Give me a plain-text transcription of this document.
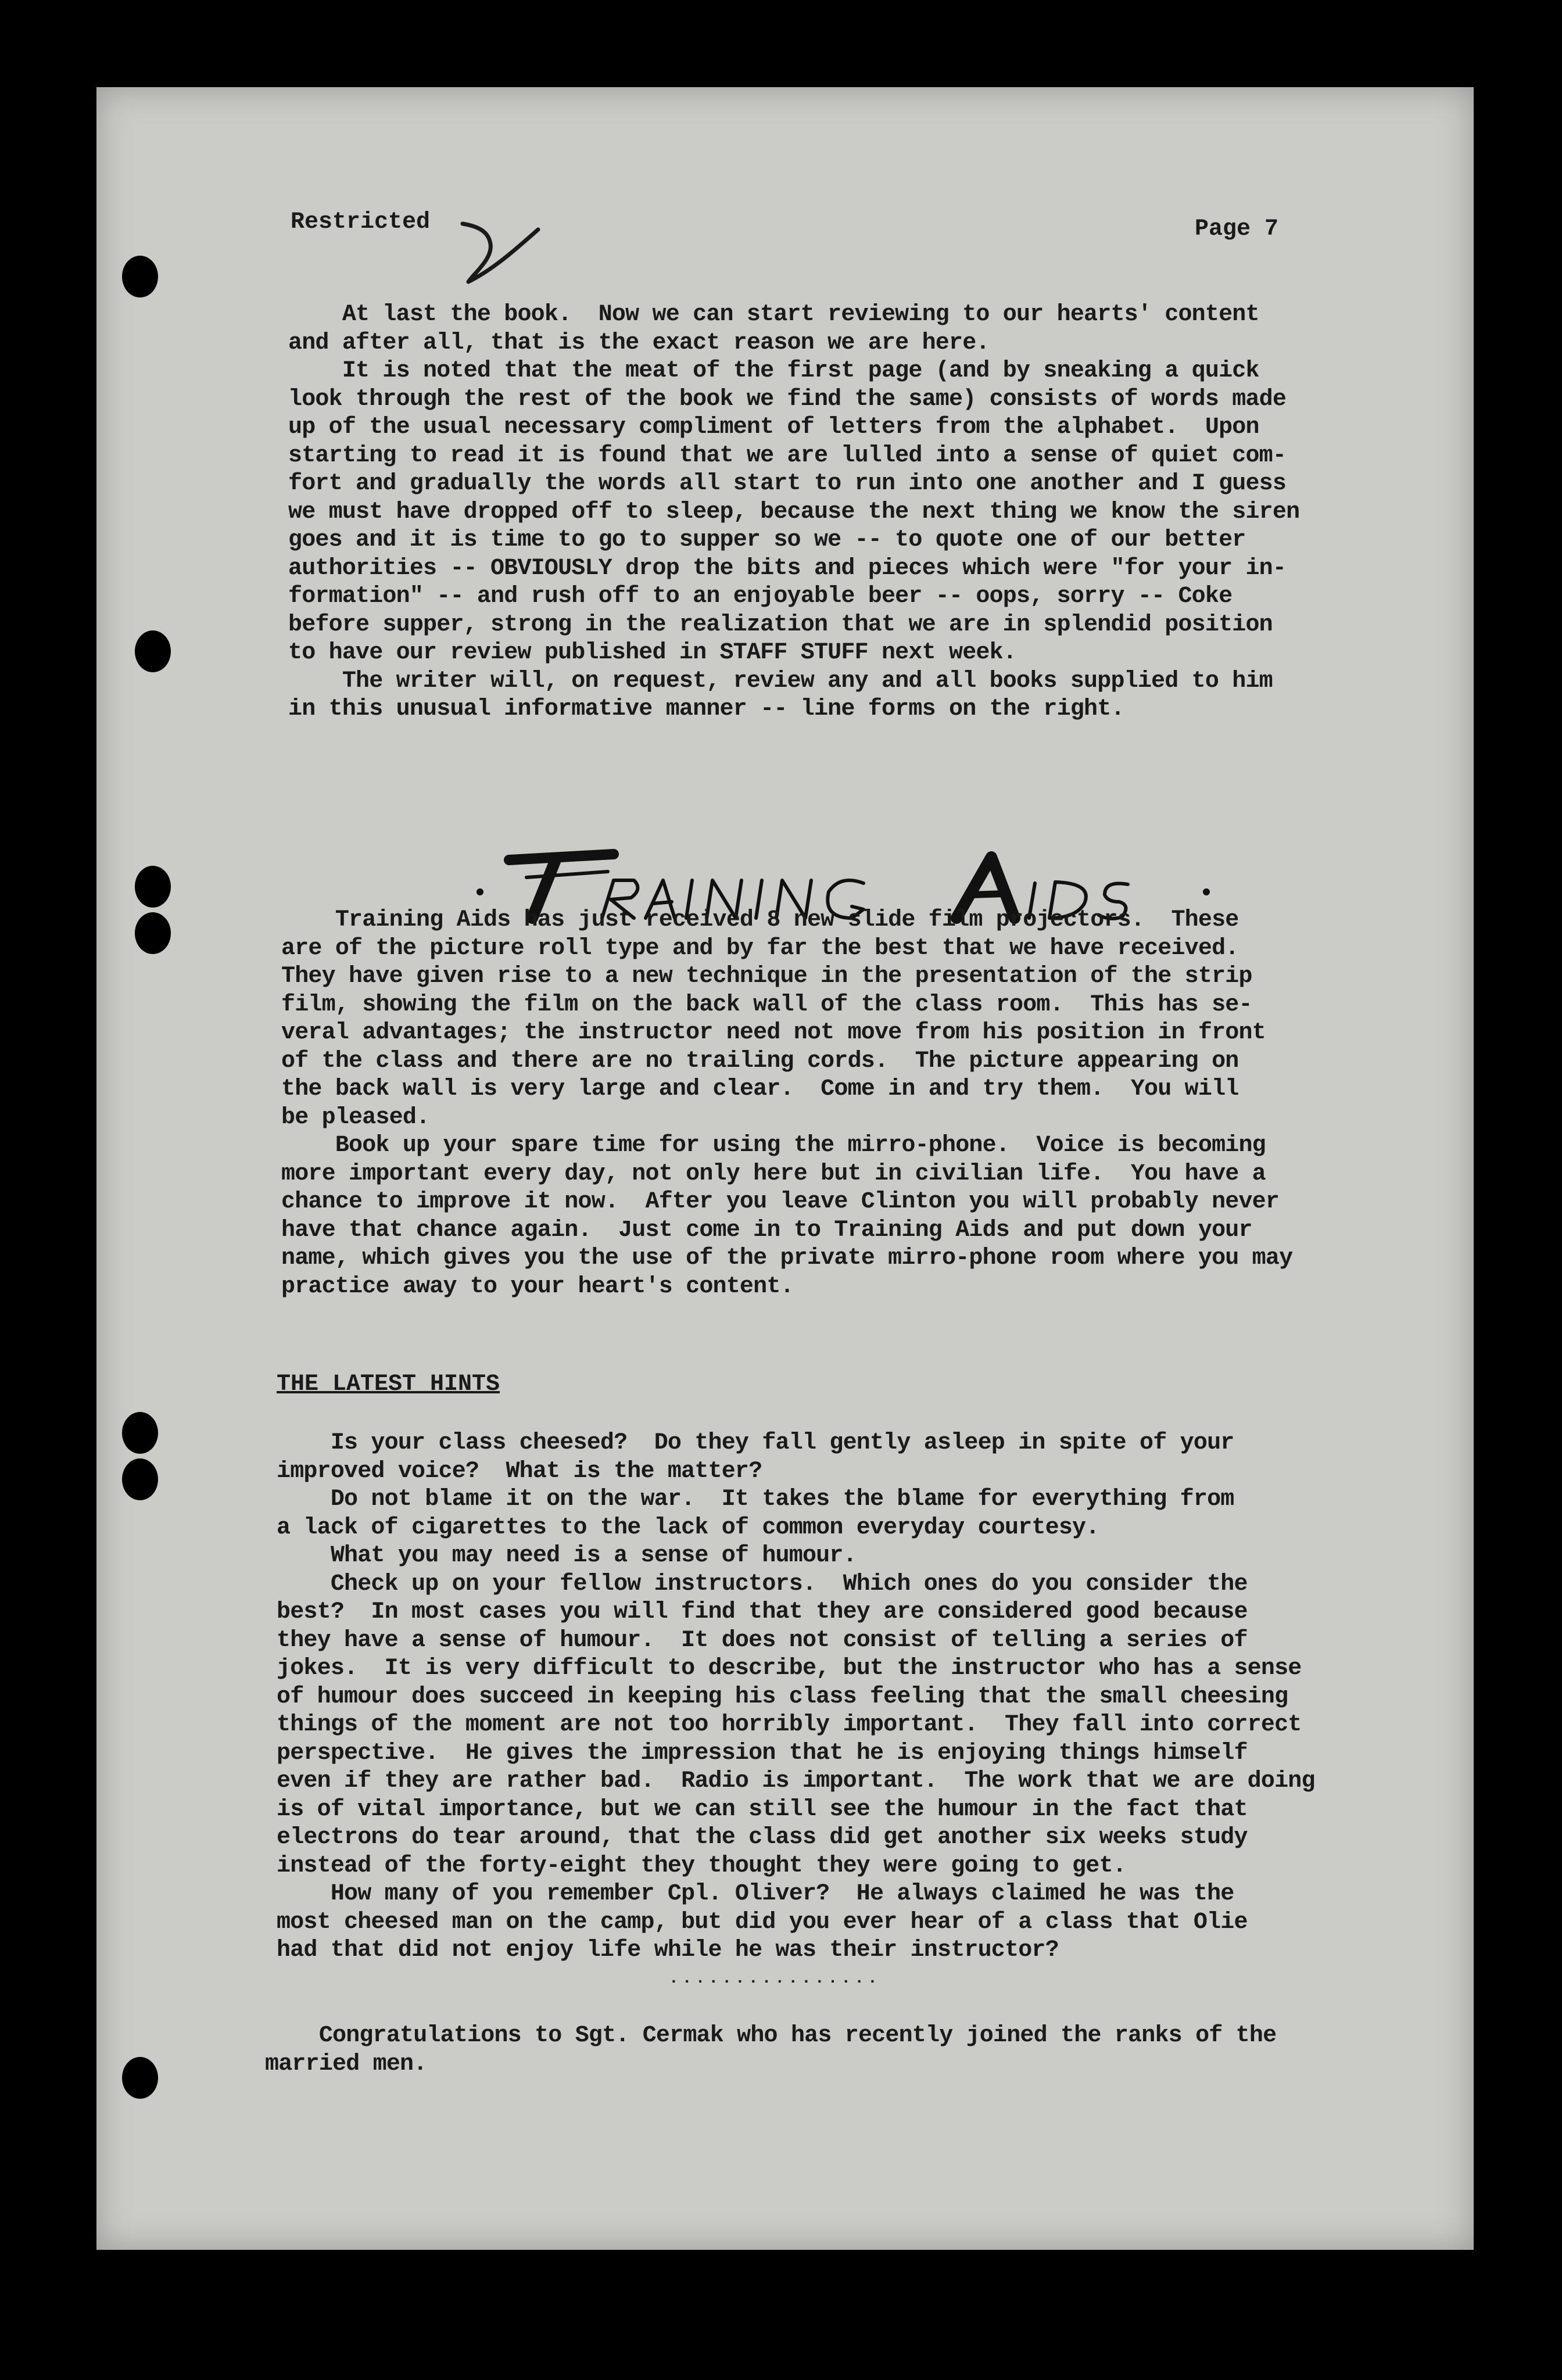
Restricted	Page 7
At last the book.  Now we can start reviewing to our hearts' content
and after all, that is the exact reason we are here.
It is noted that the meat of the first page (and by sneaking a quick
look through the rest of the book we find the same) consists of words made
up of the usual necessary compliment of letters from the alphabet.  Upon
starting to read it is found that we are lulled into a sense of quiet com-
fort and gradually the words all start to run into one another and I guess
we must have dropped off to sleep, because the next thing we know the siren
goes and it is time to go to supper so we -- to quote one of our better
authorities -- OBVIOUSLY drop the bits and pieces which were "for your in-
formation" -- and rush off to an enjoyable beer -- oops, sorry -- Coke
before supper, strong in the realization that we are in splendid position
to have our review published in STAFF STUFF next week.
The writer will, on request, review any and all books supplied to him
in this unusual informative manner -- line forms on the right.
Training Aids has just received 8 new slide film projectors.  These
are of the picture roll type and by far the best that we have received.
They have given rise to a new technique in the presentation of the strip
film, showing the film on the back wall of the class room.  This has se-
veral advantages; the instructor need not move from his position in front
of the class and there are no trailing cords.  The picture appearing on
the back wall is very large and clear.  Come in and try them.  You will
be pleased.
Book up your spare time for using the mirro-phone.  Voice is becoming
more important every day, not only here but in civilian life.  You have a
chance to improve it now.  After you leave Clinton you will probably never
have that chance again.  Just come in to Training Aids and put down your
name, which gives you the use of the private mirro-phone room where you may
practice away to your heart's content.
THE LATEST HINTS
Is your class cheesed?  Do they fall gently asleep in spite of your
improved voice?  What is the matter?
Do not blame it on the war.  It takes the blame for everything from
a lack of cigarettes to the lack of common everyday courtesy.
What you may need is a sense of humour.
Check up on your fellow instructors.  Which ones do you consider the
best?  In most cases you will find that they are considered good because
they have a sense of humour.  It does not consist of telling a series of
jokes.  It is very difficult to describe, but the instructor who has a sense
of humour does succeed in keeping his class feeling that the small cheesing
things of the moment are not too horribly important.  They fall into correct
perspective.  He gives the impression that he is enjoying things himself
even if they are rather bad.  Radio is important.  The work that we are doing
is of vital importance, but we can still see the humour in the fact that
electrons do tear around, that the class did get another six weeks study
instead of the forty-eight they thought they were going to get.
How many of you remember Cpl. Oliver?  He always claimed he was the
most cheesed man on the camp, but did you ever hear of a class that Olie
had that did not enjoy life while he was their instructor?
................
Congratulations to Sgt. Cermak who has recently joined the ranks of the
married men.
